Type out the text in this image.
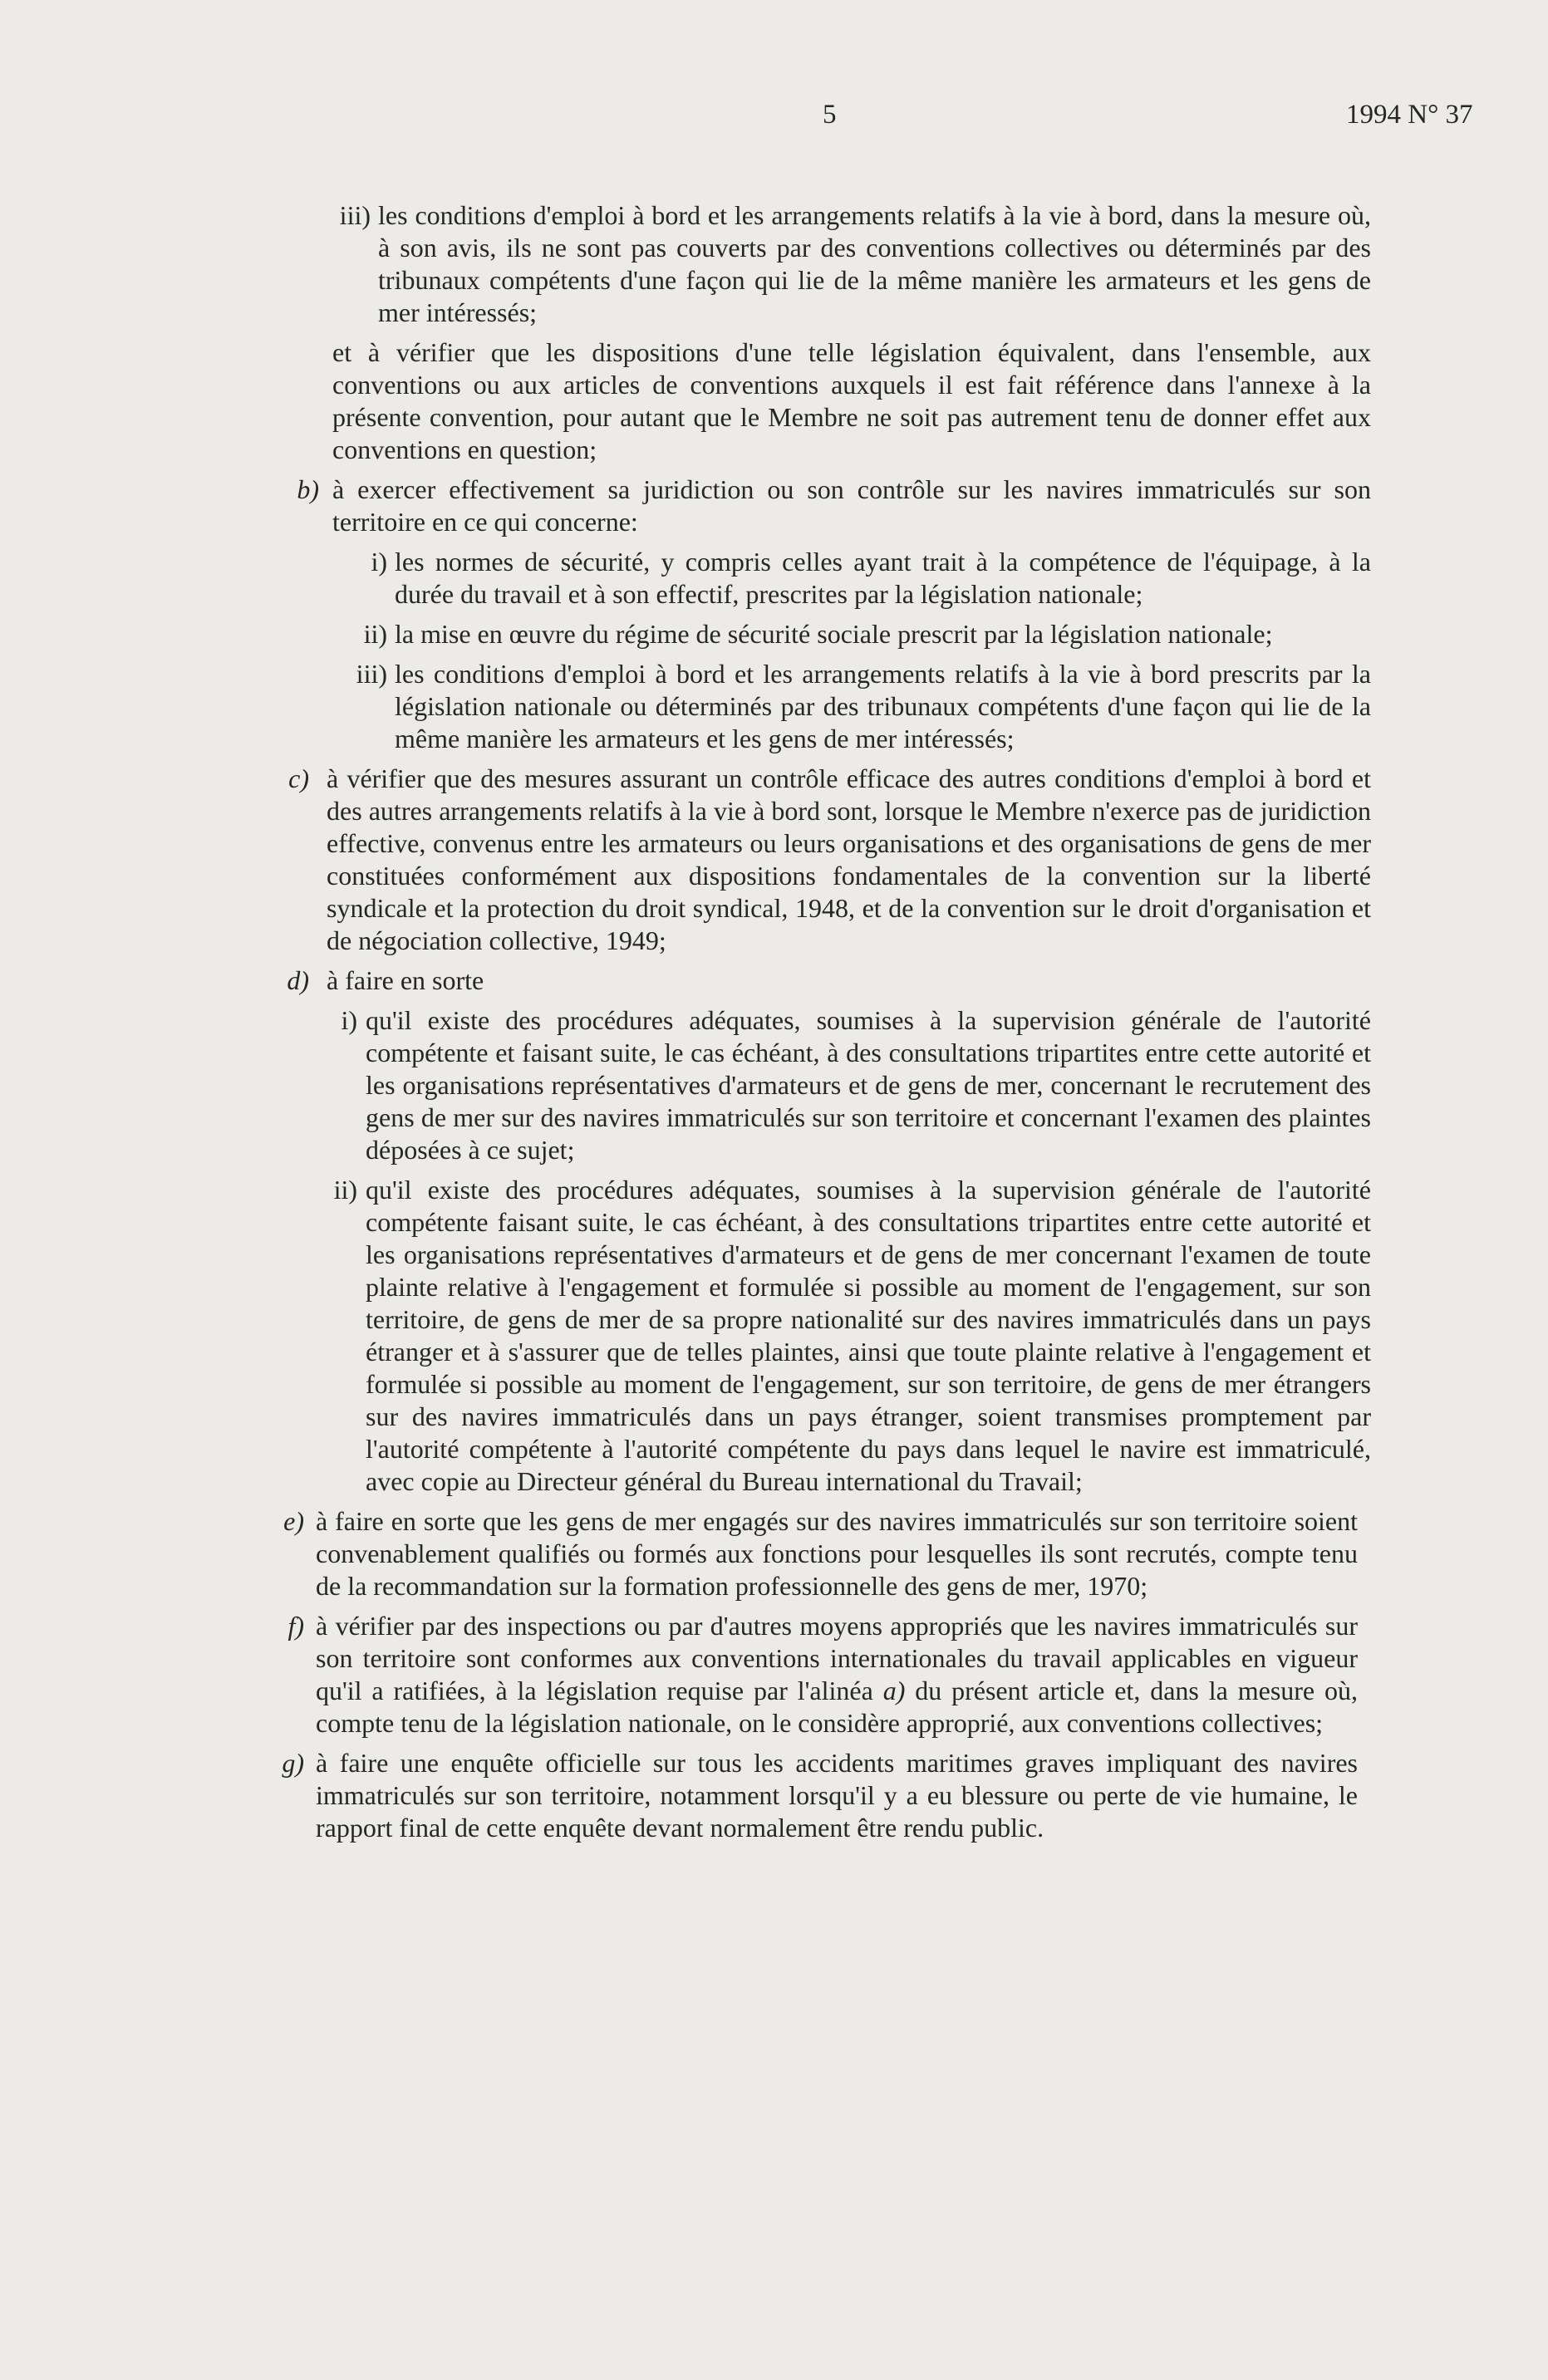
5	1994 N° 37
iii) les conditions d'emploi à bord et les arrangements relatifs à la vie à bord, dans la mesure où, à son avis, ils ne sont pas couverts par des conventions collectives ou déterminés par des tribunaux compétents d'une façon qui lie de la même manière les armateurs et les gens de mer intéressés;
et à vérifier que les dispositions d'une telle législation équivalent, dans l'ensemble, aux conventions ou aux articles de conventions auxquels il est fait référence dans l'annexe à la présente convention, pour autant que le Membre ne soit pas autrement tenu de donner effet aux conventions en question;
b) à exercer effectivement sa juridiction ou son contrôle sur les navires immatriculés sur son territoire en ce qui concerne:
i) les normes de sécurité, y compris celles ayant trait à la compétence de l'équipage, à la durée du travail et à son effectif, prescrites par la législation nationale;
ii) la mise en œuvre du régime de sécurité sociale prescrit par la législation nationale;
iii) les conditions d'emploi à bord et les arrangements relatifs à la vie à bord prescrits par la législation nationale ou déterminés par des tribunaux compétents d'une façon qui lie de la même manière les armateurs et les gens de mer intéressés;
c) à vérifier que des mesures assurant un contrôle efficace des autres conditions d'emploi à bord et des autres arrangements relatifs à la vie à bord sont, lorsque le Membre n'exerce pas de juridiction effective, convenus entre les armateurs ou leurs organisations et des organisations de gens de mer constituées conformément aux dispositions fondamentales de la convention sur la liberté syndicale et la protection du droit syndical, 1948, et de la convention sur le droit d'organisation et de négociation collective, 1949;
d) à faire en sorte
i) qu'il existe des procédures adéquates, soumises à la supervision générale de l'autorité compétente et faisant suite, le cas échéant, à des consultations tripartites entre cette autorité et les organisations représentatives d'armateurs et de gens de mer, concernant le recrutement des gens de mer sur des navires immatriculés sur son territoire et concernant l'examen des plaintes déposées à ce sujet;
ii) qu'il existe des procédures adéquates, soumises à la supervision générale de l'autorité compétente faisant suite, le cas échéant, à des consultations tripartites entre cette autorité et les organisations représentatives d'armateurs et de gens de mer concernant l'examen de toute plainte relative à l'engagement et formulée si possible au moment de l'engagement, sur son territoire, de gens de mer de sa propre nationalité sur des navires immatriculés dans un pays étranger et à s'assurer que de telles plaintes, ainsi que toute plainte relative à l'engagement et formulée si possible au moment de l'engagement, sur son territoire, de gens de mer étrangers sur des navires immatriculés dans un pays étranger, soient transmises promptement par l'autorité compétente à l'autorité compétente du pays dans lequel le navire est immatriculé, avec copie au Directeur général du Bureau international du Travail;
e) à faire en sorte que les gens de mer engagés sur des navires immatriculés sur son territoire soient convenablement qualifiés ou formés aux fonctions pour lesquelles ils sont recrutés, compte tenu de la recommandation sur la formation professionnelle des gens de mer, 1970;
f) à vérifier par des inspections ou par d'autres moyens appropriés que les navires immatriculés sur son territoire sont conformes aux conventions internationales du travail applicables en vigueur qu'il a ratifiées, à la législation requise par l'alinéa a) du présent article et, dans la mesure où, compte tenu de la législation nationale, on le considère approprié, aux conventions collectives;
g) à faire une enquête officielle sur tous les accidents maritimes graves impliquant des navires immatriculés sur son territoire, notamment lorsqu'il y a eu blessure ou perte de vie humaine, le rapport final de cette enquête devant normalement être rendu public.
